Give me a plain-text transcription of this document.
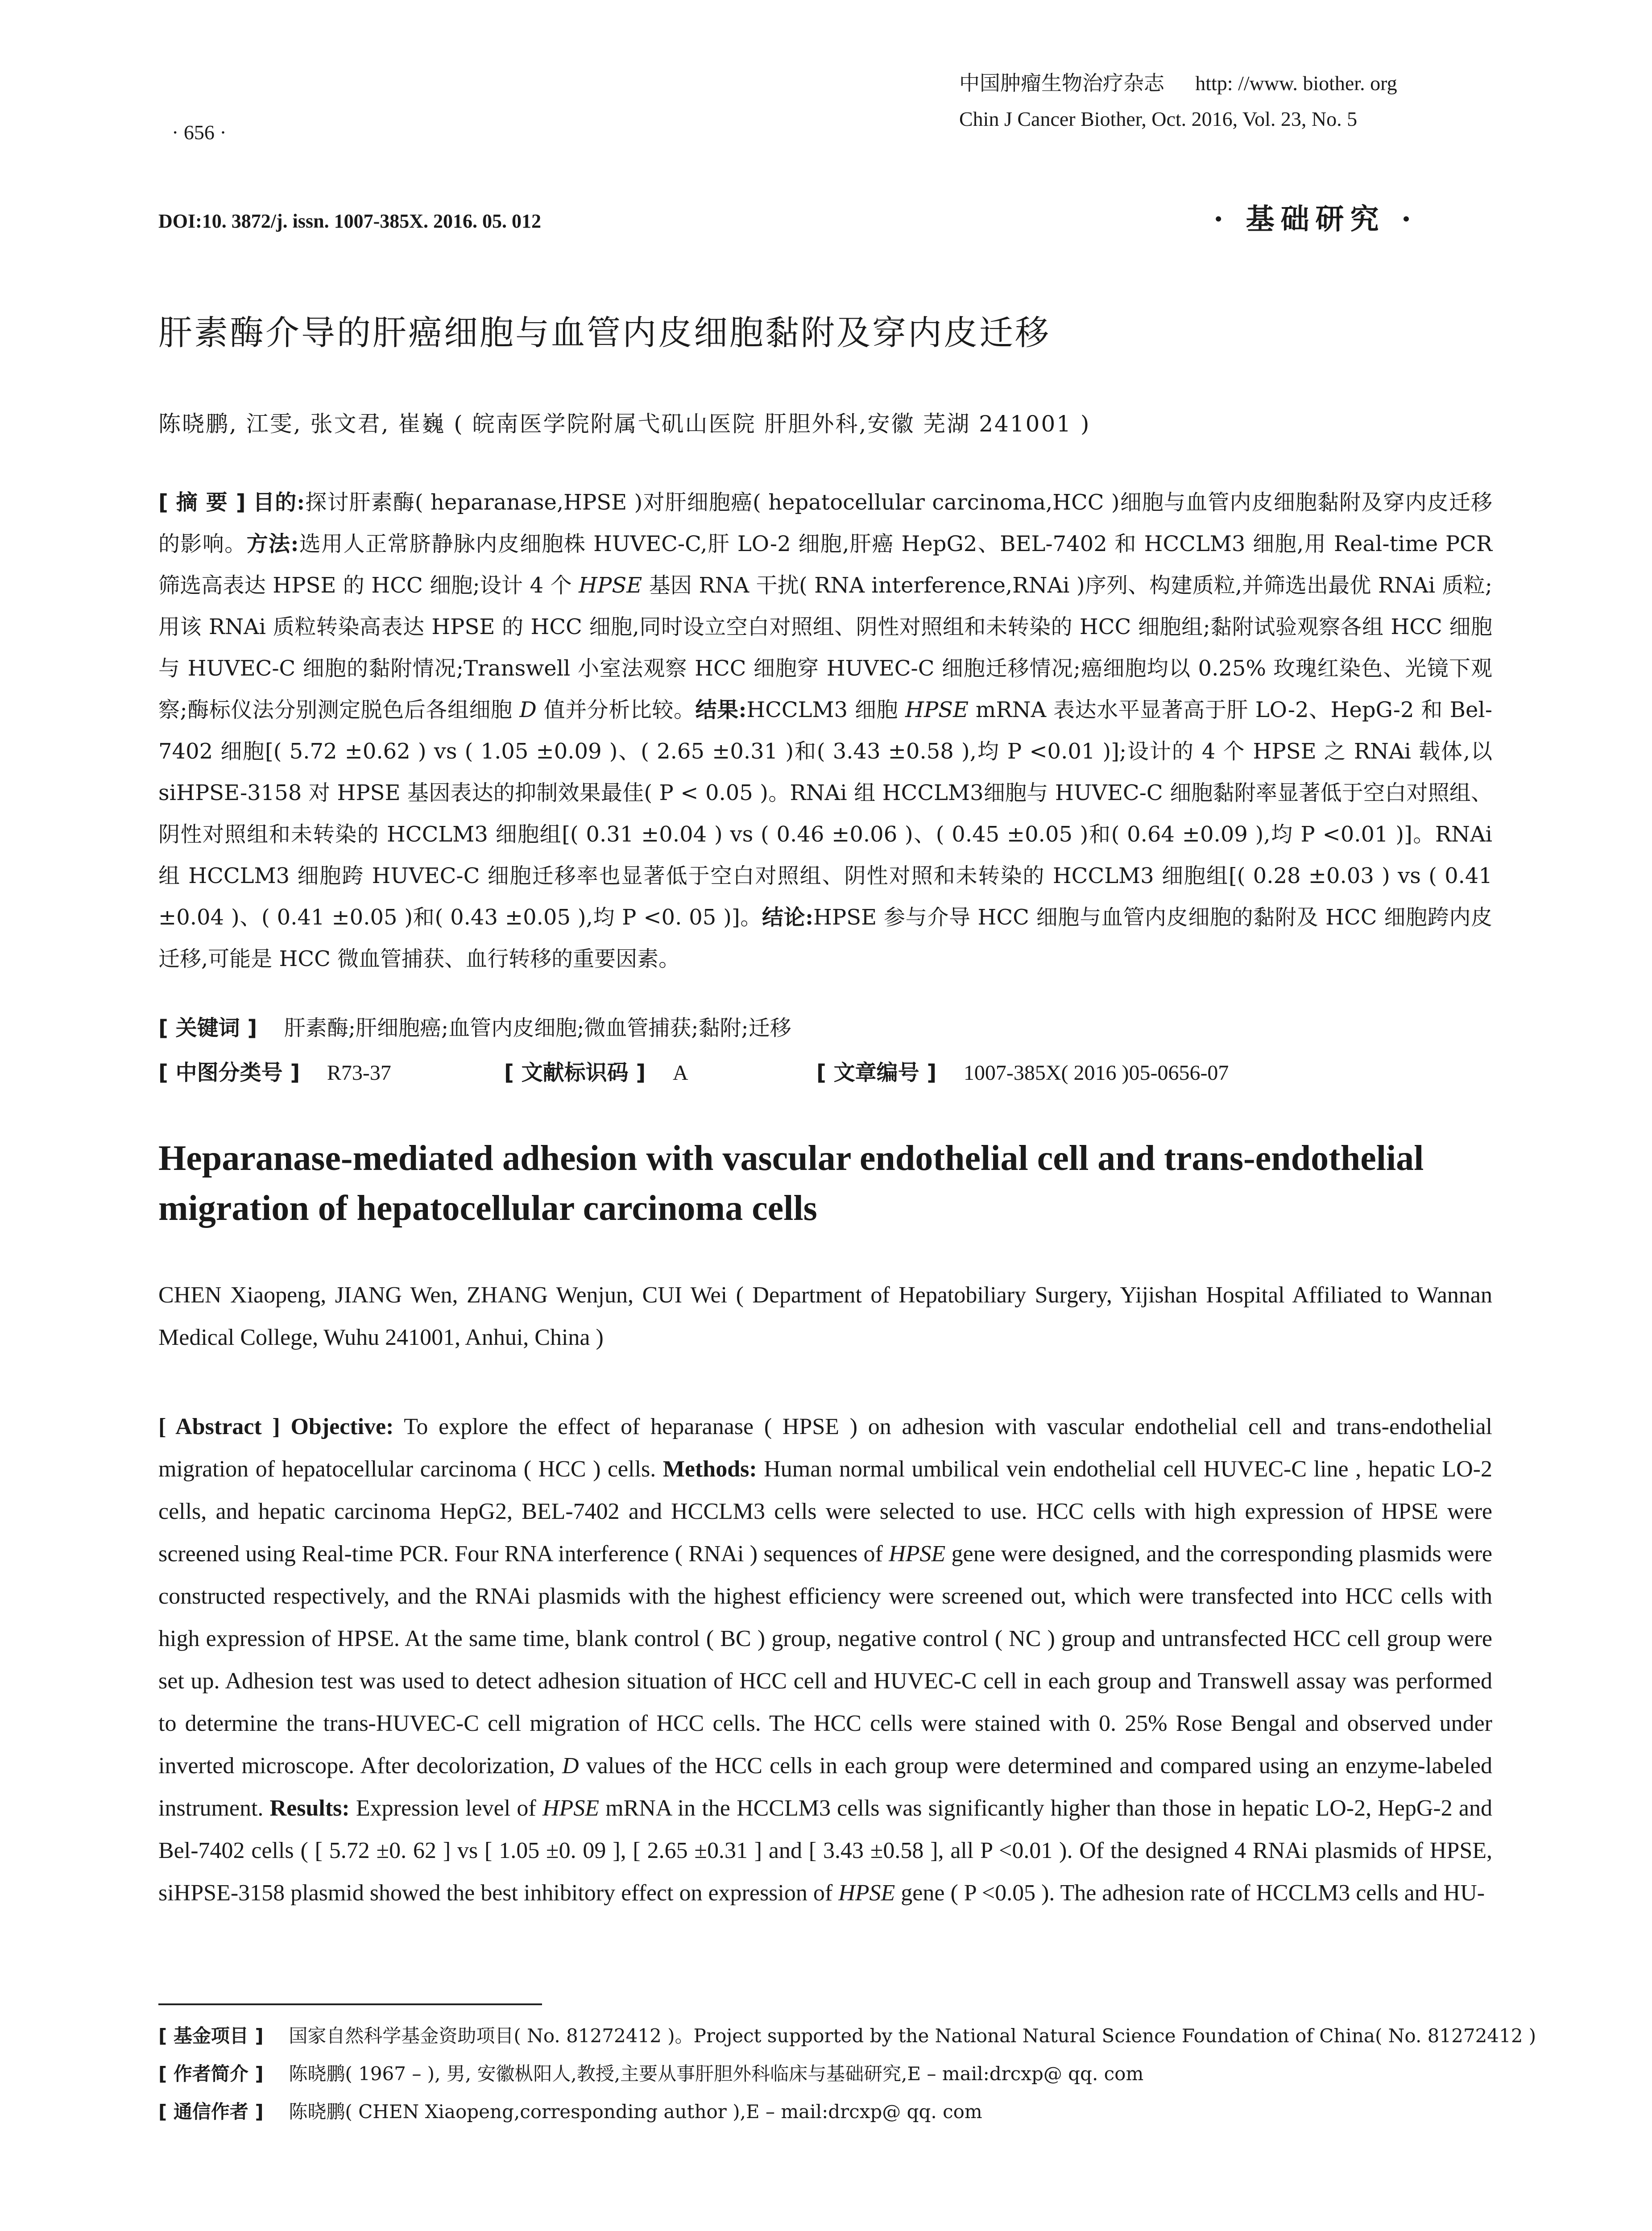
中国肿瘤生物治疗杂志 http: //www. biother. org
Chin J Cancer Biother, Oct. 2016, Vol. 23, No. 5
· 656 ·
DOI:10. 3872/j. issn. 1007-385X. 2016. 05. 012	· 基础研究 ·
肝素酶介导的肝癌细胞与血管内皮细胞黏附及穿内皮迁移
陈晓鹏, 江雯, 张文君, 崔巍 ( 皖南医学院附属弋矶山医院 肝胆外科,安徽 芜湖 241001 )
[ 摘 要 ] 目的:探讨肝素酶( heparanase,HPSE )对肝细胞癌( hepatocellular carcinoma,HCC )细胞与血管内皮细胞黏附及穿内皮迁移的影响。方法:选用人正常脐静脉内皮细胞株 HUVEC-C,肝 LO-2 细胞,肝癌 HepG2、BEL-7402 和 HCCLM3 细胞,用 Real-time PCR 筛选高表达 HPSE 的 HCC 细胞;设计 4 个 HPSE 基因 RNA 干扰( RNA interference,RNAi )序列、构建质粒,并筛选出最优 RNAi 质粒;用该 RNAi 质粒转染高表达 HPSE 的 HCC 细胞,同时设立空白对照组、阴性对照组和未转染的 HCC 细胞组;黏附试验观察各组 HCC 细胞与 HUVEC-C 细胞的黏附情况;Transwell 小室法观察 HCC 细胞穿 HUVEC-C 细胞迁移情况;癌细胞均以 0.25% 玫瑰红染色、光镜下观察;酶标仪法分别测定脱色后各组细胞 D 值并分析比较。结果:HCCLM3 细胞 HPSE mRNA 表达水平显著高于肝 LO-2、HepG-2 和 Bel-7402 细胞[( 5.72 ±0.62 ) vs ( 1.05 ±0.09 )、( 2.65 ±0.31 )和( 3.43 ±0.58 ),均 P <0.01 )];设计的 4 个 HPSE 之 RNAi 载体,以 siHPSE-3158 对 HPSE 基因表达的抑制效果最佳( P < 0.05 )。RNAi 组 HCCLM3细胞与 HUVEC-C 细胞黏附率显著低于空白对照组、阴性对照组和未转染的 HCCLM3 细胞组[( 0.31 ±0.04 ) vs ( 0.46 ±0.06 )、( 0.45 ±0.05 )和( 0.64 ±0.09 ),均 P <0.01 )]。RNAi 组 HCCLM3 细胞跨 HUVEC-C 细胞迁移率也显著低于空白对照组、阴性对照和未转染的 HCCLM3 细胞组[( 0.28 ±0.03 ) vs ( 0.41 ±0.04 )、( 0.41 ±0.05 )和( 0.43 ±0.05 ),均 P <0. 05 )]。结论:HPSE 参与介导 HCC 细胞与血管内皮细胞的黏附及 HCC 细胞跨内皮迁移,可能是 HCC 微血管捕获、血行转移的重要因素。
[ 关键词 ] 肝素酶;肝细胞癌;血管内皮细胞;微血管捕获;黏附;迁移
[ 中图分类号 ] R73-37	[ 文献标识码 ] A	[ 文章编号 ] 1007-385X( 2016 )05-0656-07
Heparanase-mediated adhesion with vascular endothelial cell and trans-endothelial migration of hepatocellular carcinoma cells
CHEN Xiaopeng, JIANG Wen, ZHANG Wenjun, CUI Wei ( Department of Hepatobiliary Surgery, Yijishan Hospital Affiliated to Wannan Medical College, Wuhu 241001, Anhui, China )
[ Abstract ] Objective: To explore the effect of heparanase ( HPSE ) on adhesion with vascular endothelial cell and trans-endothelial migration of hepatocellular carcinoma ( HCC ) cells. Methods: Human normal umbilical vein endothelial cell HUVEC-C line , hepatic LO-2 cells, and hepatic carcinoma HepG2, BEL-7402 and HCCLM3 cells were selected to use. HCC cells with high expression of HPSE were screened using Real-time PCR. Four RNA interference ( RNAi ) sequences of HPSE gene were designed, and the corresponding plasmids were constructed respectively, and the RNAi plasmids with the highest efficiency were screened out, which were transfected into HCC cells with high expression of HPSE. At the same time, blank control ( BC ) group, negative control ( NC ) group and untransfected HCC cell group were set up. Adhesion test was used to detect adhesion situation of HCC cell and HUVEC-C cell in each group and Transwell assay was performed to determine the trans-HUVEC-C cell migration of HCC cells. The HCC cells were stained with 0. 25% Rose Bengal and observed under inverted microscope. After decolorization, D values of the HCC cells in each group were determined and compared using an enzyme-labeled instrument. Results: Expression level of HPSE mRNA in the HCCLM3 cells was significantly higher than those in hepatic LO-2, HepG-2 and Bel-7402 cells ( [ 5.72 ±0. 62 ] vs [ 1.05 ±0. 09 ], [ 2.65 ±0.31 ] and [ 3.43 ±0.58 ], all P <0.01 ). Of the designed 4 RNAi plasmids of HPSE, siHPSE-3158 plasmid showed the best inhibitory effect on expression of HPSE gene ( P <0.05 ). The adhesion rate of HCCLM3 cells and HU-
[ 基金项目 ] 国家自然科学基金资助项目( No. 81272412 )。Project supported by the National Natural Science Foundation of China( No. 81272412 )
[ 作者简介 ] 陈晓鹏( 1967 – ), 男, 安徽枞阳人,教授,主要从事肝胆外科临床与基础研究,E – mail:drcxp@ qq. com
[ 通信作者 ] 陈晓鹏( CHEN Xiaopeng,corresponding author ),E – mail:drcxp@ qq. com
